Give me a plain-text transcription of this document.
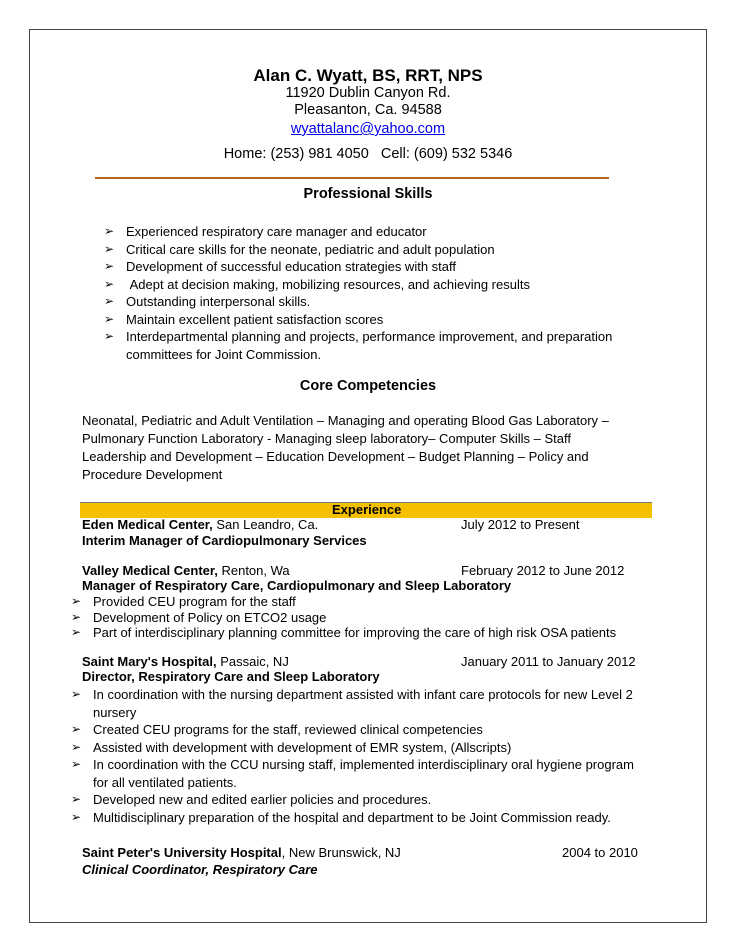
Alan C. Wyatt, BS, RRT, NPS
11920 Dublin Canyon Rd.
Pleasanton, Ca. 94588
wyattalanc@yahoo.com
Home: (253) 981 4050   Cell: (609) 532 5346
Professional Skills
➢ Experienced respiratory care manager and educator
➢ Critical care skills for the neonate, pediatric and adult population
➢ Development of successful education strategies with staff
➢ Adept at decision making, mobilizing resources, and achieving results
➢ Outstanding interpersonal skills.
➢ Maintain excellent patient satisfaction scores
➢ Interdepartmental planning and projects, performance improvement, and preparation committees for Joint Commission.
Core Competencies
Neonatal, Pediatric and Adult Ventilation – Managing and operating Blood Gas Laboratory – Pulmonary Function Laboratory - Managing sleep laboratory– Computer Skills – Staff Leadership and Development – Education Development – Budget Planning – Policy and Procedure Development
Experience
Eden Medical Center, San Leandro, Ca.	July 2012 to Present
Interim Manager of Cardiopulmonary Services
Valley Medical Center, Renton, Wa	February 2012 to June 2012
Manager of Respiratory Care, Cardiopulmonary and Sleep Laboratory
➢ Provided CEU program for the staff
➢ Development of Policy on ETCO2 usage
➢ Part of interdisciplinary planning committee for improving the care of high risk OSA patients
Saint Mary's Hospital, Passaic, NJ	January 2011 to January 2012
Director, Respiratory Care and Sleep Laboratory
➢ In coordination with the nursing department assisted with infant care protocols for new Level 2 nursery
➢ Created CEU programs for the staff, reviewed clinical competencies
➢ Assisted with development with development of EMR system, (Allscripts)
➢ In coordination with the CCU nursing staff, implemented interdisciplinary oral hygiene program for all ventilated patients.
➢ Developed new and edited earlier policies and procedures.
➢ Multidisciplinary preparation of the hospital and department to be Joint Commission ready.
Saint Peter's University Hospital, New Brunswick, NJ	2004 to 2010
Clinical Coordinator, Respiratory Care
